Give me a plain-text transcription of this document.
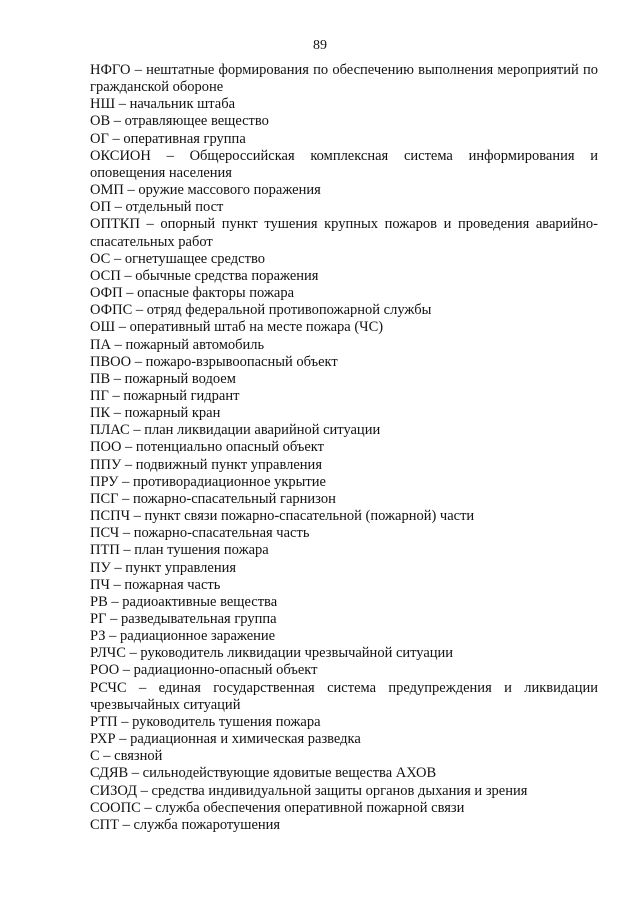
89
НФГО – нештатные формирования по обеспечению выполнения мероприятий по гражданской обороне
НШ – начальник штаба
ОВ – отравляющее вещество
ОГ – оперативная группа
ОКСИОН – Общероссийская комплексная система информирования и оповещения населения
ОМП – оружие массового поражения
ОП – отдельный пост
ОПТКП – опорный пункт тушения крупных пожаров и проведения аварийно-спасательных работ
ОС – огнетушащее средство
ОСП – обычные средства поражения
ОФП – опасные факторы пожара
ОФПС – отряд федеральной противопожарной службы
ОШ – оперативный штаб на месте пожара (ЧС)
ПА – пожарный автомобиль
ПВОО – пожаро-взрывоопасный объект
ПВ – пожарный водоем
ПГ – пожарный гидрант
ПК – пожарный кран
ПЛАС – план ликвидации аварийной ситуации
ПОО – потенциально опасный объект
ППУ – подвижный пункт управления
ПРУ – противорадиационное укрытие
ПСГ – пожарно-спасательный гарнизон
ПСПЧ – пункт связи пожарно-спасательной (пожарной) части
ПСЧ – пожарно-спасательная часть
ПТП – план тушения пожара
ПУ – пункт управления
ПЧ – пожарная часть
РВ – радиоактивные вещества
РГ – разведывательная группа
РЗ – радиационное заражение
РЛЧС – руководитель ликвидации чрезвычайной ситуации
РОО – радиационно-опасный объект
РСЧС – единая государственная система предупреждения и ликвидации чрезвычайных ситуаций
РТП – руководитель тушения пожара
РХР – радиационная и химическая разведка
С – связной
СДЯВ – сильнодействующие ядовитые вещества АХОВ
СИЗОД – средства индивидуальной защиты органов дыхания и зрения
СООПС – служба обеспечения оперативной пожарной связи
СПТ – служба пожаротушения
